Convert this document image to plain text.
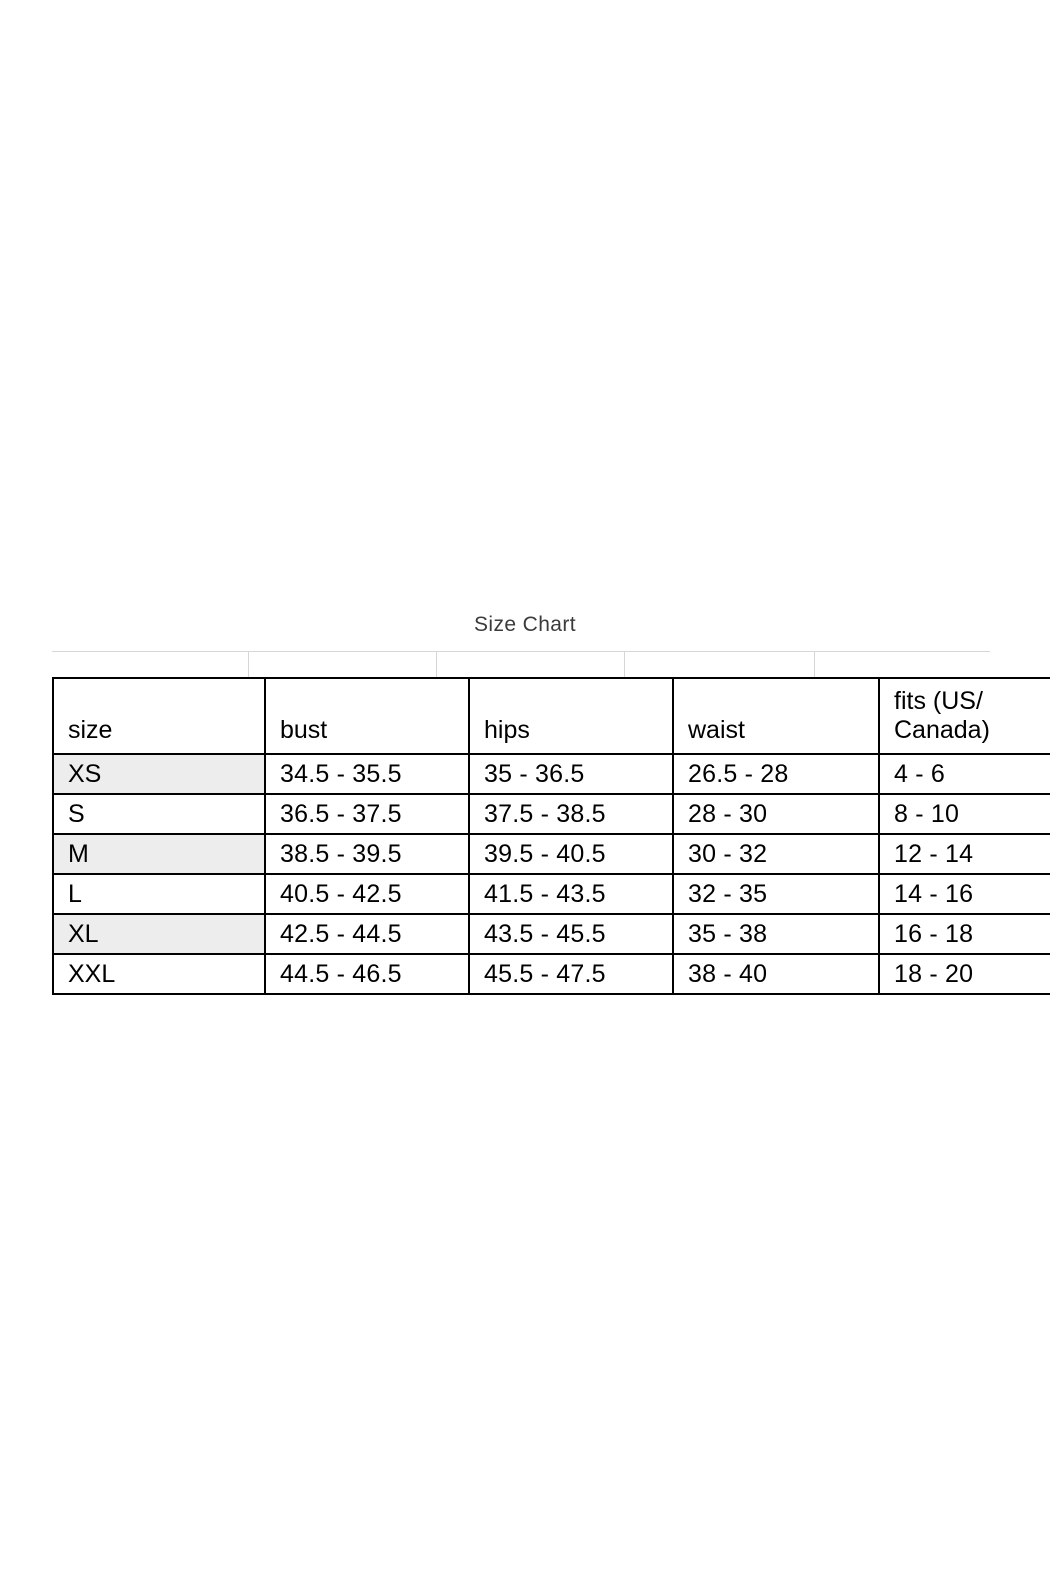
Size Chart
size	bust	hips	waist	fits (US/
Canada)
XS	34.5 - 35.5	35 - 36.5	26.5 - 28	4 - 6
S	36.5 - 37.5	37.5 - 38.5	28 - 30	8 - 10
M	38.5 - 39.5	39.5 - 40.5	30 - 32	12 - 14
L	40.5 - 42.5	41.5 - 43.5	32 - 35	14 - 16
XL	42.5 - 44.5	43.5 - 45.5	35 - 38	16 - 18
XXL	44.5 - 46.5	45.5 - 47.5	38 - 40	18 - 20
